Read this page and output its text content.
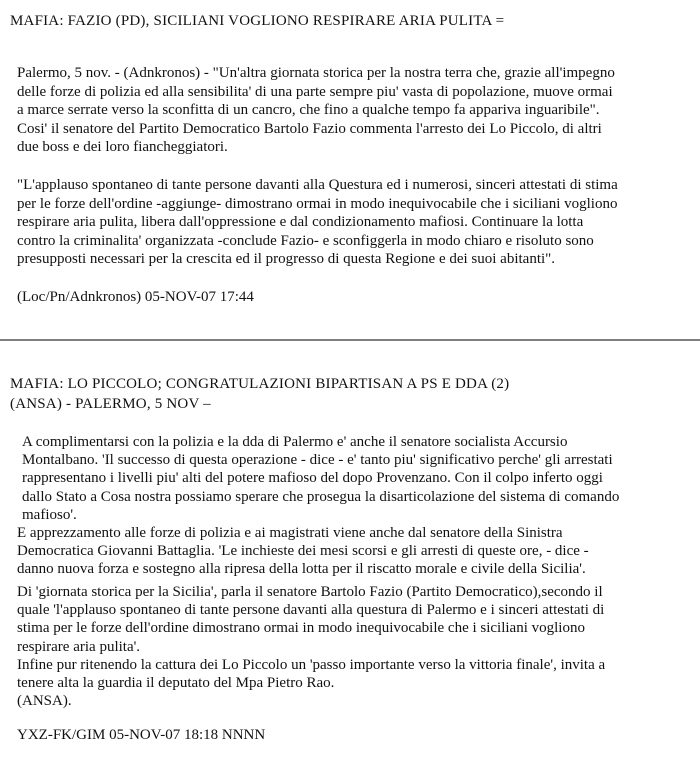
MAFIA: FAZIO (PD), SICILIANI VOGLIONO RESPIRARE ARIA PULITA =

Palermo, 5 nov. - (Adnkronos) - "Un'altra giornata storica per la nostra terra che, grazie all'impegno
delle forze di polizia ed alla sensibilita' di una parte sempre piu' vasta di popolazione, muove ormai
a marce serrate verso la sconfitta di un cancro, che fino a qualche tempo fa appariva inguaribile".
Cosi' il senatore del Partito Democratico Bartolo Fazio commenta l'arresto dei Lo Piccolo, di altri
due boss e dei loro fiancheggiatori.

"L'applauso spontaneo di tante persone davanti alla Questura ed i numerosi, sinceri attestati di stima
per le forze dell'ordine -aggiunge- dimostrano ormai in modo inequivocabile che i siciliani vogliono
respirare aria pulita, libera dall'oppressione e dal condizionamento mafiosi. Continuare la lotta
contro la criminalita' organizzata -conclude Fazio- e sconfiggerla in modo chiaro e risoluto sono
presupposti necessari per la crescita ed il progresso di questa Regione e dei suoi abitanti".

(Loc/Pn/Adnkronos) 05-NOV-07 17:44

MAFIA: LO PICCOLO; CONGRATULAZIONI BIPARTISAN A PS E DDA (2)
(ANSA) - PALERMO, 5 NOV –

A complimentarsi con la polizia e la dda di Palermo e' anche il senatore socialista Accursio
Montalbano. 'Il successo di questa operazione - dice - e' tanto piu' significativo perche' gli arrestati
rappresentano i livelli piu' alti del potere mafioso del dopo Provenzano. Con il colpo inferto oggi
dallo Stato a Cosa nostra possiamo sperare che prosegua la disarticolazione del sistema di comando
mafioso'.

E apprezzamento alle forze di polizia e ai magistrati viene anche dal senatore della Sinistra
Democratica Giovanni Battaglia. 'Le inchieste dei mesi scorsi e gli arresti di queste ore, - dice -
danno nuova forza e sostegno alla ripresa della lotta per il riscatto morale e civile della Sicilia'.

Di 'giornata storica per la Sicilia', parla il senatore Bartolo Fazio (Partito Democratico),secondo il
quale 'l'applauso spontaneo di tante persone davanti alla questura di Palermo e i sinceri attestati di
stima per le forze dell'ordine dimostrano ormai in modo inequivocabile che i siciliani vogliono
respirare aria pulita'.

Infine pur ritenendo la cattura dei Lo Piccolo un 'passo importante verso la vittoria finale', invita a
tenere alta la guardia il deputato del Mpa Pietro Rao.

(ANSA).

YXZ-FK/GIM 05-NOV-07 18:18 NNNN
